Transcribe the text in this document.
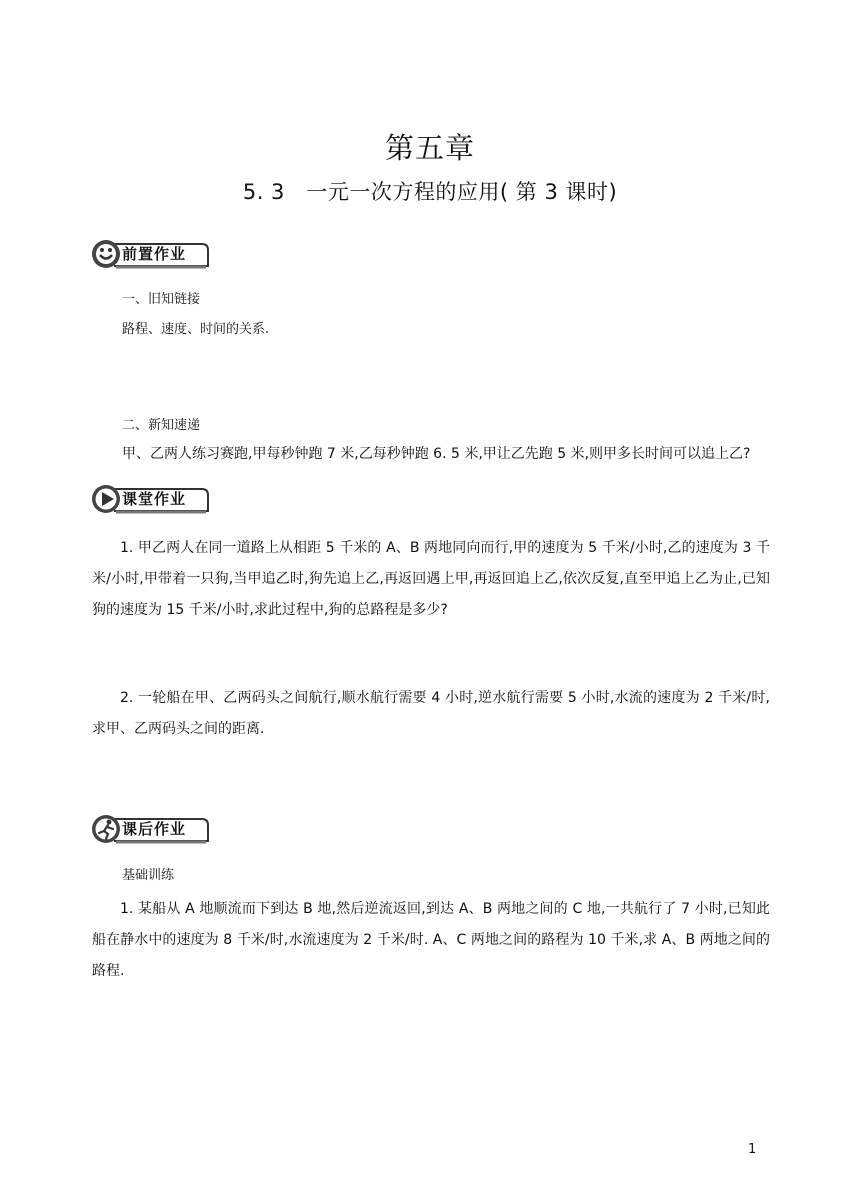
第五章
5. 3　一元一次方程的应用( 第 3 课时)
前置作业
一、旧知链接
路程、速度、时间的关系.
二、新知速递
甲、乙两人练习赛跑,甲每秒钟跑 7 米,乙每秒钟跑 6. 5 米,甲让乙先跑 5 米,则甲多长时间可以追上乙?
课堂作业
1. 甲乙两人在同一道路上从相距 5 千米的 A、B 两地同向而行,甲的速度为 5 千米/小时,乙的速度为 3 千米/小时,甲带着一只狗,当甲追乙时,狗先追上乙,再返回遇上甲,再返回追上乙,依次反复,直至甲追上乙为止,已知狗的速度为 15 千米/小时,求此过程中,狗的总路程是多少?
2. 一轮船在甲、乙两码头之间航行,顺水航行需要 4 小时,逆水航行需要 5 小时,水流的速度为 2 千米/时,求甲、乙两码头之间的距离.
课后作业
基础训练
1. 某船从 A 地顺流而下到达 B 地,然后逆流返回,到达 A、B 两地之间的 C 地,一共航行了 7 小时,已知此船在静水中的速度为 8 千米/时,水流速度为 2 千米/时. A、C 两地之间的路程为 10 千米,求 A、B 两地之间的路程.
1
